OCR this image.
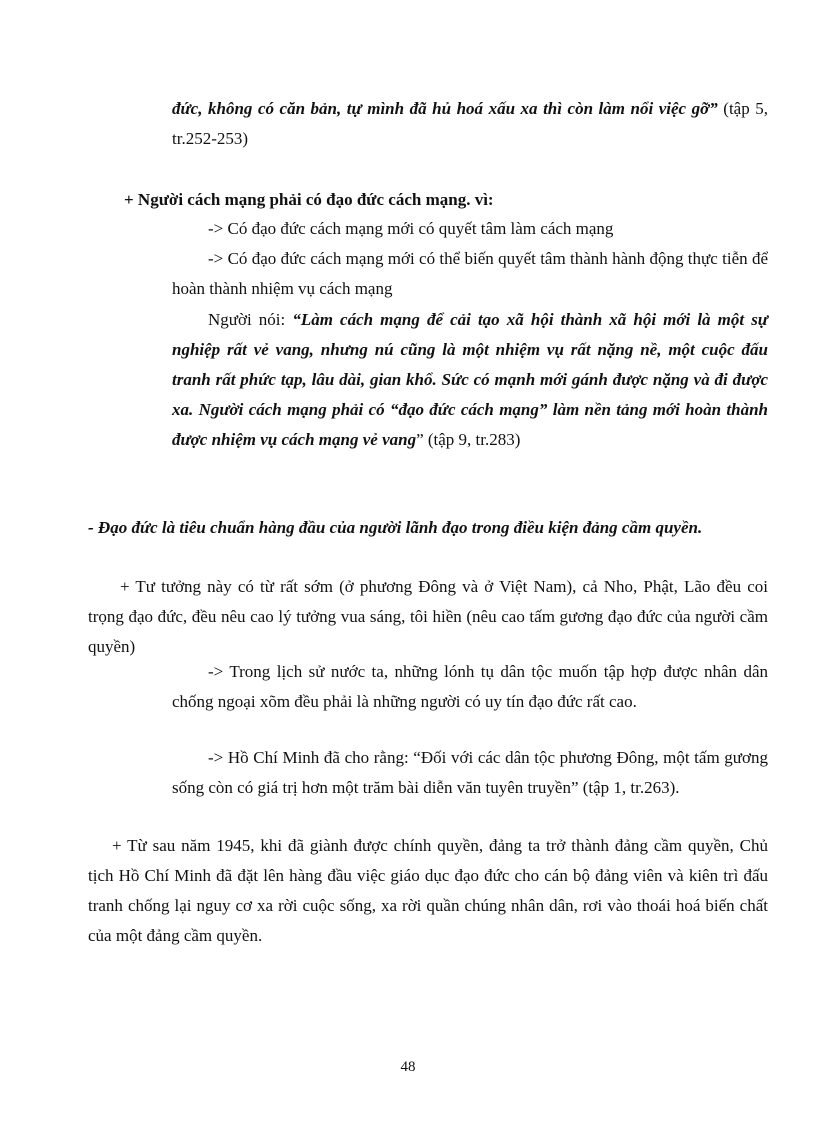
đức, không có căn bản, tự mình đã hủ hoá xấu xa thì còn làm nổi việc gỡ” (tập 5, tr.252-253)

+ Người cách mạng phải có đạo đức cách mạng. vì:

-> Có đạo đức cách mạng mới có quyết tâm làm cách mạng

-> Có đạo đức cách mạng mới có thể biến quyết tâm thành hành động thực tiễn để hoàn thành nhiệm vụ cách mạng

Người nói: “Làm cách mạng để cải tạo xã hội thành xã hội mới là một sự nghiệp rất vẻ vang, nhưng nú cũng là một nhiệm vụ rất nặng nề, một cuộc đấu tranh rất phức tạp, lâu dài, gian khổ. Sức có mạnh mới gánh được nặng và đi được xa. Người cách mạng phải có “đạo đức cách mạng” làm nền tảng mới hoàn thành được nhiệm vụ cách mạng vẻ vang” (tập 9, tr.283)

- Đạo đức là tiêu chuẩn hàng đầu của người lãnh đạo trong điều kiện đảng cầm quyền.

+ Tư tưởng này có từ rất sớm (ở phương Đông và ở Việt Nam), cả Nho, Phật, Lão đều coi trọng đạo đức, đều nêu cao lý tưởng vua sáng, tôi hiền (nêu cao tấm gương đạo đức của người cầm quyền)

-> Trong lịch sử nước ta, những lónh tụ dân tộc muốn tập hợp được nhân dân chống ngoại xõm đều phải là những người có uy tín đạo đức rất cao.

-> Hồ Chí Minh đã cho rằng: “Đối với các dân tộc phương Đông, một tấm gương sống còn có giá trị hơn một trăm bài diễn văn tuyên truyền” (tập 1, tr.263).

+ Từ sau năm 1945, khi đã giành được chính quyền, đảng ta trở thành đảng cầm quyền, Chủ tịch Hồ Chí Minh đã đặt lên hàng đầu việc giáo dục đạo đức cho cán bộ đảng viên và kiên trì đấu tranh chống lại nguy cơ xa rời cuộc sống, xa rời quần chúng nhân dân, rơi vào thoái hoá biến chất của một đảng cầm quyền.

48
